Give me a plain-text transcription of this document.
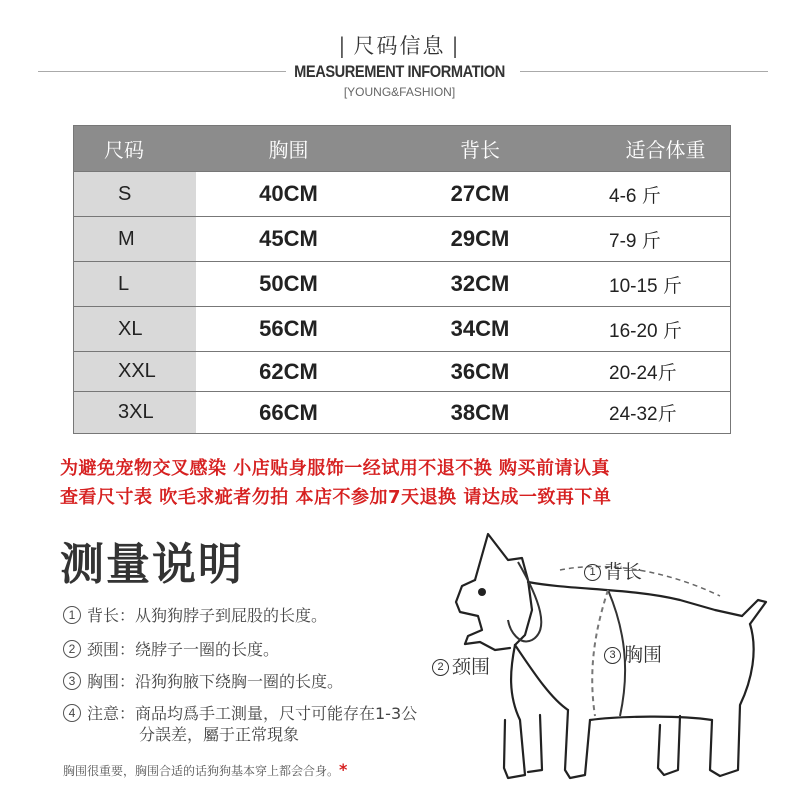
| 尺码信息 |
MEASUREMENT INFORMATION
[YOUNG&FASHION]
尺码	胸围	背长	适合体重
S	40CM	27CM	4-6 斤
M	45CM	29CM	7-9 斤
L	50CM	32CM	10-15 斤
XL	56CM	34CM	16-20 斤
XXL	62CM	36CM	20-24斤
3XL	66CM	38CM	24-32斤
为避免宠物交叉感染 小店贴身服饰一经试用不退不换 购买前请认真
查看尺寸表 吹毛求疵者勿拍 本店不参加7天退换 请达成一致再下单
测量说明
1 背长：从狗狗脖子到屁股的长度。
2 颈围：绕脖子一圈的长度。
3 胸围：沿狗狗腋下绕胸一圈的长度。
4 注意：商品均爲手工測量，尺寸可能存在1-3公
分誤差，屬于正常現象
胸围很重要，胸围合适的话狗狗基本穿上都会合身。*
1 背长
2 颈围
3 胸围
